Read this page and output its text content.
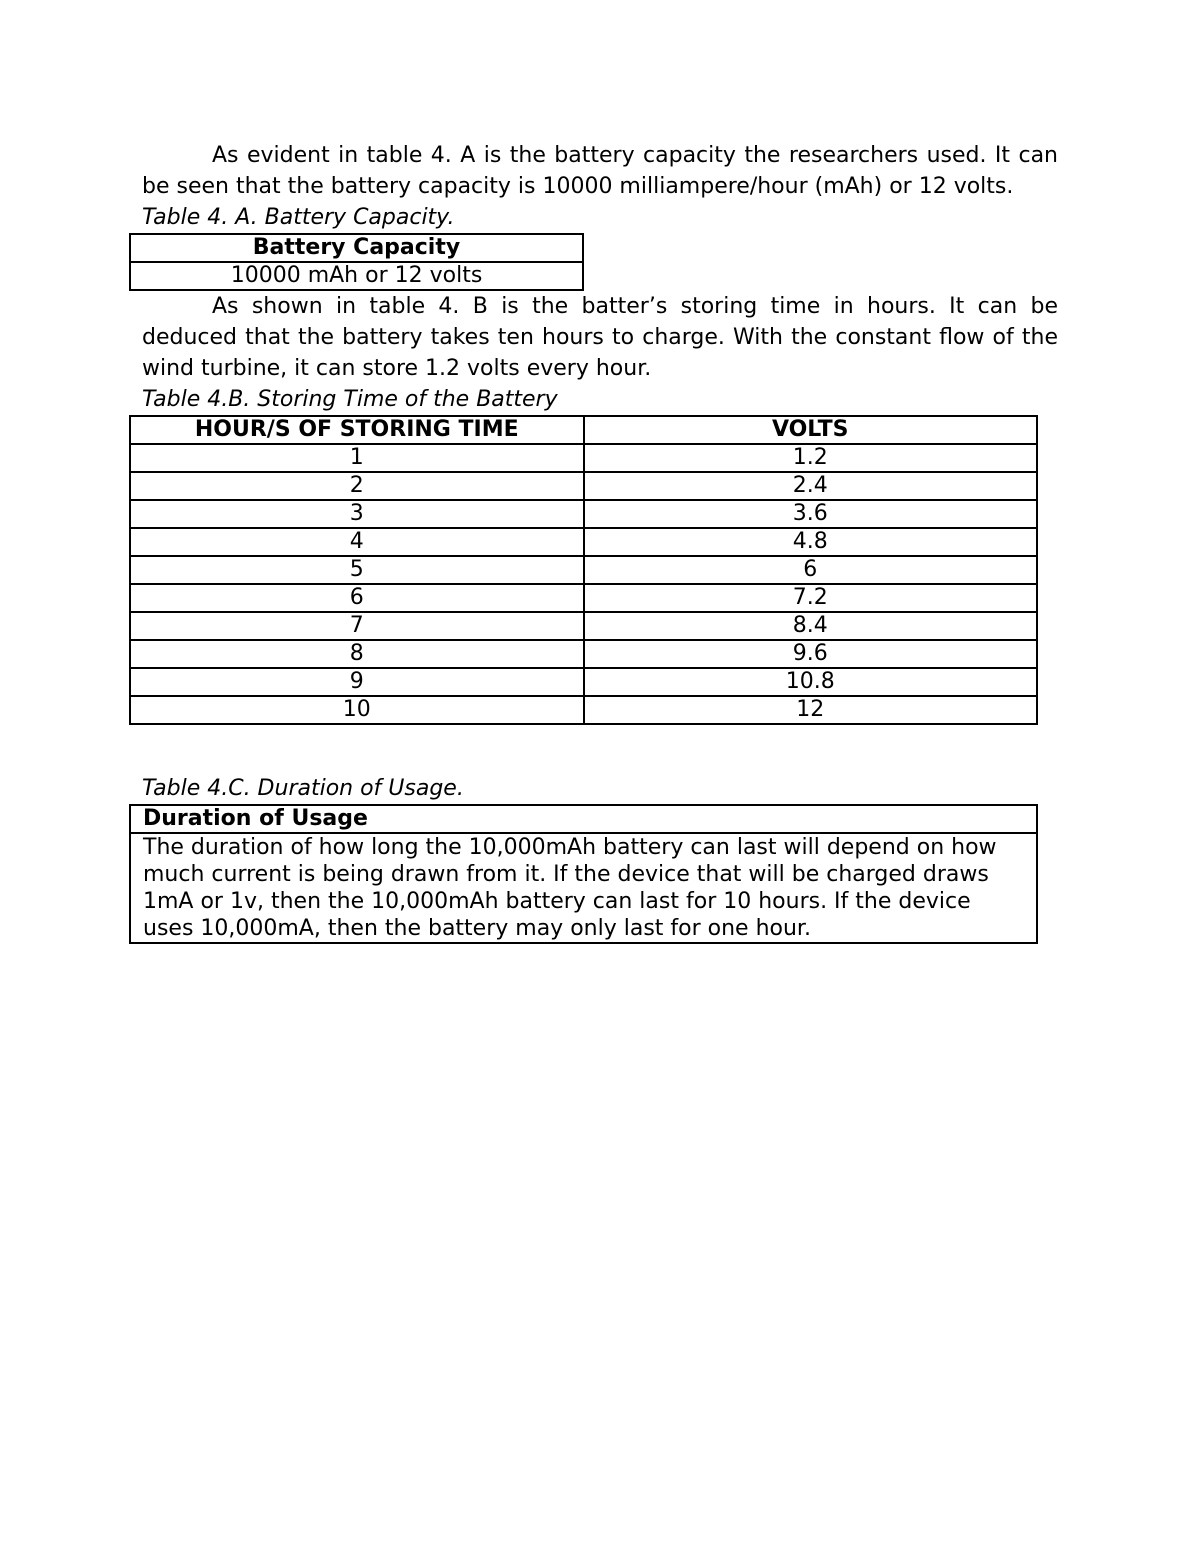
As evident in table 4. A is the battery capacity the researchers used. It can be seen that the battery capacity is 10000 milliampere/hour (mAh) or 12 volts.

Table 4. A. Battery Capacity.

Battery Capacity
10000 mAh or 12 volts

As shown in table 4. B is the batter’s storing time in hours. It can be deduced that the battery takes ten hours to charge. With the constant flow of the wind turbine, it can store 1.2 volts every hour.

Table 4.B. Storing Time of the Battery

HOUR/S OF STORING TIME	VOLTS
1	1.2
2	2.4
3	3.6
4	4.8
5	6
6	7.2
7	8.4
8	9.6
9	10.8
10	12

Table 4.C. Duration of Usage.

Duration of Usage
The duration of how long the 10,000mAh battery can last will depend on how much current is being drawn from it. If the device that will be charged draws 1mA or 1v, then the 10,000mAh battery can last for 10 hours. If the device uses 10,000mA, then the battery may only last for one hour.
